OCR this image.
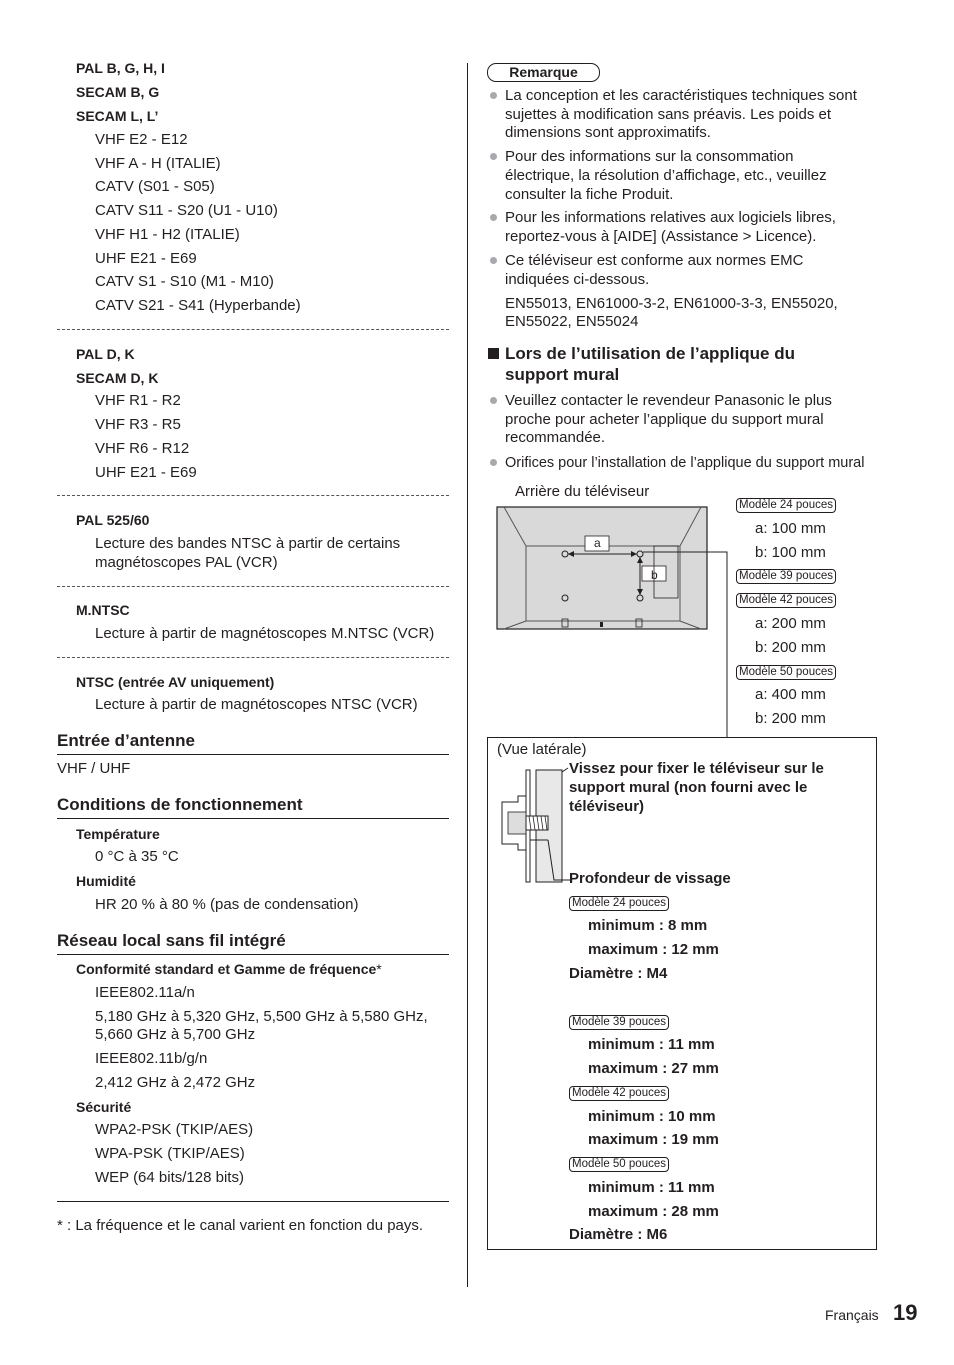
PAL B, G, H, I
SECAM B, G
SECAM L, L’
VHF E2 - E12
VHF A - H (ITALIE)
CATV (S01 - S05)
CATV S11 - S20 (U1 - U10)
VHF H1 - H2 (ITALIE)
UHF E21 - E69
CATV S1 - S10 (M1 - M10)
CATV S21 - S41 (Hyperbande)
PAL D, K
SECAM D, K
VHF R1 - R2
VHF R3 - R5
VHF R6 - R12
UHF E21 - E69
PAL 525/60
Lecture des bandes NTSC à partir de certains
magnétoscopes PAL (VCR)
M.NTSC
Lecture à partir de magnétoscopes M.NTSC (VCR)
NTSC (entrée AV uniquement)
Lecture à partir de magnétoscopes NTSC (VCR)
Entrée d’antenne
VHF / UHF
Conditions de fonctionnement
Température
0 °C à 35 °C
Humidité
HR 20 % à 80 % (pas de condensation)
Réseau local sans fil intégré
Conformité standard et Gamme de fréquence*
IEEE802.11a/n
5,180 GHz à 5,320 GHz, 5,500 GHz à 5,580 GHz,
5,660 GHz à 5,700 GHz
IEEE802.11b/g/n
2,412 GHz à 2,472 GHz
Sécurité
WPA2-PSK (TKIP/AES)
WPA-PSK (TKIP/AES)
WEP (64 bits/128 bits)
* : La fréquence et le canal varient en fonction du pays.
Remarque
La conception et les caractéristiques techniques sont
sujettes à modification sans préavis. Les poids et
dimensions sont approximatifs.
Pour des informations sur la consommation
électrique, la résolution d’affichage, etc., veuillez
consulter la fiche Produit.
Pour les informations relatives aux logiciels libres,
reportez-vous à [AIDE] (Assistance > Licence).
Ce téléviseur est conforme aux normes EMC
indiquées ci-dessous.
EN55013, EN61000-3-2, EN61000-3-3, EN55020,
EN55022, EN55024
Lors de l’utilisation de l’applique du
support mural
Veuillez contacter le revendeur Panasonic le plus
proche pour acheter l’applique du support mural
recommandée.
Orifices pour l’installation de l’applique du support mural
Arrière du téléviseur
a
b
Modèle 24 pouces
a: 100 mm
b: 100 mm
Modèle 39 pouces
Modèle 42 pouces
a: 200 mm
b: 200 mm
Modèle 50 pouces
a: 400 mm
b: 200 mm
(Vue latérale)
Vissez pour fixer le téléviseur sur le
support mural (non fourni avec le
téléviseur)
Profondeur de vissage
Modèle 24 pouces
minimum : 8 mm
maximum : 12 mm
Diamètre : M4
Modèle 39 pouces
minimum : 11 mm
maximum : 27 mm
Modèle 42 pouces
minimum : 10 mm
maximum : 19 mm
Modèle 50 pouces
minimum : 11 mm
maximum : 28 mm
Diamètre : M6
Français 19
